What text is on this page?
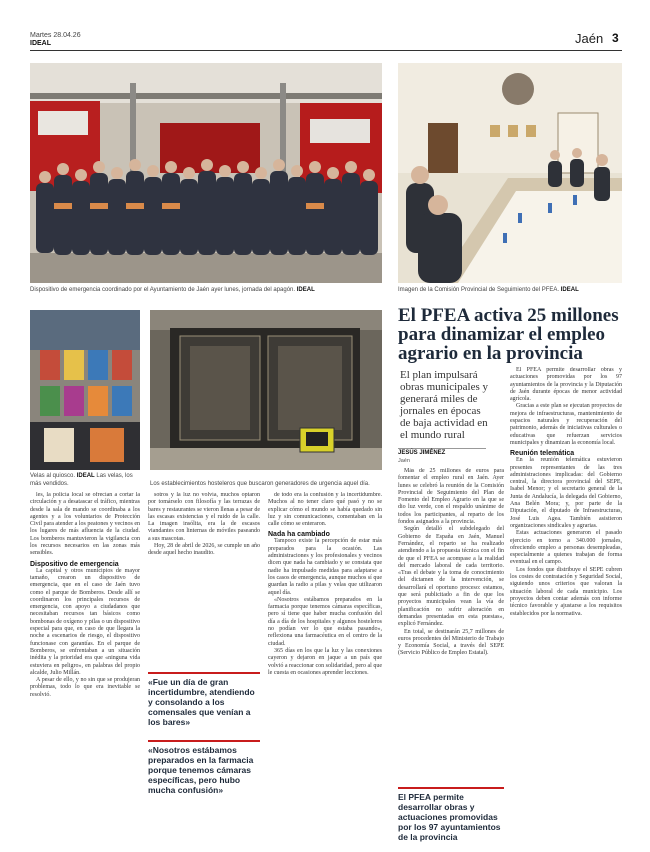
Martes 28.04.26
IDEAL	Jaén 3
Dispositivo de emergencia coordinado por el Ayuntamiento de Jaén ayer lunes, jornada del apagón. IDEAL	Imagen de la Comisión Provincial de Seguimiento del PFEA. IDEAL
Velas al quiosco. IDEAL Las velas, los más vendidos.	Los establecimientos hosteleros que buscaron generadores de urgencia aquel día.
El PFEA activa 25 millones para dinamizar el empleo agrario en la provincia
El plan impulsará obras municipales y generará miles de jornales en épocas de baja actividad en el mundo rural
JESÚS JIMÉNEZ
Jaén

Más de 25 millones de euros para fomentar el empleo rural en Jaén. Ayer lunes se celebró la reunión de la Comisión Provincial de Seguimiento del Plan de Fomento del Empleo Agrario en la que se dio luz verde, con el respaldo unánime de todos los participantes, al reparto de los fondos asignados a la provincia.

Según detalló el subdelegado del Gobierno de España en Jaén, Manuel Fernández, el reparto se ha realizado atendiendo a la propuesta técnica con el fin de que el PFEA se acompase a la realidad del mercado laboral de cada territorio. «Tras el debate y la toma de conocimiento del dictamen de la intervención, se desarrollará el oportuno proceso: estamos, que será publicitado a fin de que los proyectos municipales vean la vía de planificación no sufrir alteración en demandas presentadas en esta puestas», explicó Fernández.

En total, se destinarán 25,7 millones de euros procedentes del Ministerio de Trabajo y Economía Social, a través del SEPE (Servicio Público de Empleo Estatal).

El PFEA permite desarrollar obras y actuaciones promovidas por los 97 ayuntamientos de la provincia y la Diputación de Jaén durante épocas de menor actividad agrícola.

Gracias a este plan se ejecutan proyectos de mejora de infraestructuras, mantenimiento de espacios naturales y recuperación del patrimonio, además de iniciativas culturales o educativas que refuerzan servicios municipales y dinamizan la economía local.

Reunión telemática

En la reunión telemática estuvieron presentes representantes de las tres administraciones implicadas: del Gobierno central, la directora provincial del SEPE, Isabel Menor; y el secretario general de la Junta de Andalucía, la delegada del Gobierno, Ana Belén Mora; y, por parte de la Diputación, el diputado de Infraestructuras, José Luis Agea. También asistieron organizaciones sindicales y agrarias.

Estas actuaciones generaron el pasado ejercicio en torno a 340.000 jornales, ofreciendo empleo a personas desempleadas, especialmente a quienes trabajan de forma eventual en el campo.

Los fondos que distribuye el SEPE cubren los costes de contratación y Seguridad Social, siguiendo unos criterios que valoran la situación laboral de cada municipio. Los proyectos deben contar además con informe técnico favorable y ajustarse a los requisitos establecidos por la normativa.

El PFEA permite desarrollar obras y actuaciones promovidas por los 97 ayuntamientos de la provincia

les, la policía local se ofrecían a cortar la circulación y a desatascar el tráfico, mientras desde la sala de mando se coordinaba a los agentes y a los voluntarios de Protección Civil para atender a los peatones y vecinos en los lugares de más afluencia de la ciudad. Los bomberos mantuvieron la vigilancia con los recursos necesarios en las zonas más sensibles.

Dispositivo de emergencia

La capital y otros municipios de mayor tamaño, crearon un dispositivo de emergencia, que en el caso de Jaén tuvo como el parque de Bomberos. Desde allí se coordinaron los principales recursos de emergencia, con apoyo a ciudadanos que necesitaban recursos tan básicos como bombonas de oxígeno y pilas o un dispositivo especial para que, en caso de que llegara la noche a escenarios de riesgo, el dispositivo funcionase con garantías. En el parque de Bomberos, se enfrentaban a un situación inédita y la prioridad era que «ninguna vida estuviera en peligro», en palabras del propio alcalde, Julio Millán.

A pesar de ello, y no sin que se produjeran problemas, todo lo que era inevitable se resolvió.

sotros y la luz no volvía, muchos optaron por tomárselo con filosofía y las terrazas de bares y restaurantes se vieron llenas a pesar de las escasas existencias y el ruido de la calle. La imagen insólita, era la de escasos viandantes con linternas de móviles paseando a sus mascotas.

Hoy, 28 de abril de 2026, se cumple un año desde aquel hecho inaudito.

«Fue un día de gran incertidumbre, atendiendo y consolando a los comensales que venían a los bares»
«Nosotros estábamos preparados en la farmacia porque tenemos cámaras específicas, pero hubo mucha confusión»

de todo era la confusión y la incertidumbre. Muchos al no tener claro qué pasó y no se explicar cómo el mundo se había quedado sin luz y sin comunicaciones, comentaban en la calle cómo se enteraron.

Nada ha cambiado

Tampoco existe la percepción de estar más preparados para la ocasión. Las administraciones y los profesionales y vecinos dicen que nada ha cambiado y se constata que nadie ha impulsado medidas para adaptarse a los casos de emergencia, aunque muchos sí que guardan la radio a pilas y velas que utilizaron aquel día.

«Nosotros estábamos preparados en la farmacia porque tenemos cámaras específicas, pero sí tiene que haber mucha confusión del día a día de los hospitales y algunos hosteleros no podían ver lo que estaba pasando», reflexiona una farmacéutica en el centro de la ciudad.

365 días en los que la luz y las conexiones cayeron y dejaron en jaque a un país que volvió a reaccionar con solidaridad, pero al que le cuesta en ocasiones aprender lecciones.
